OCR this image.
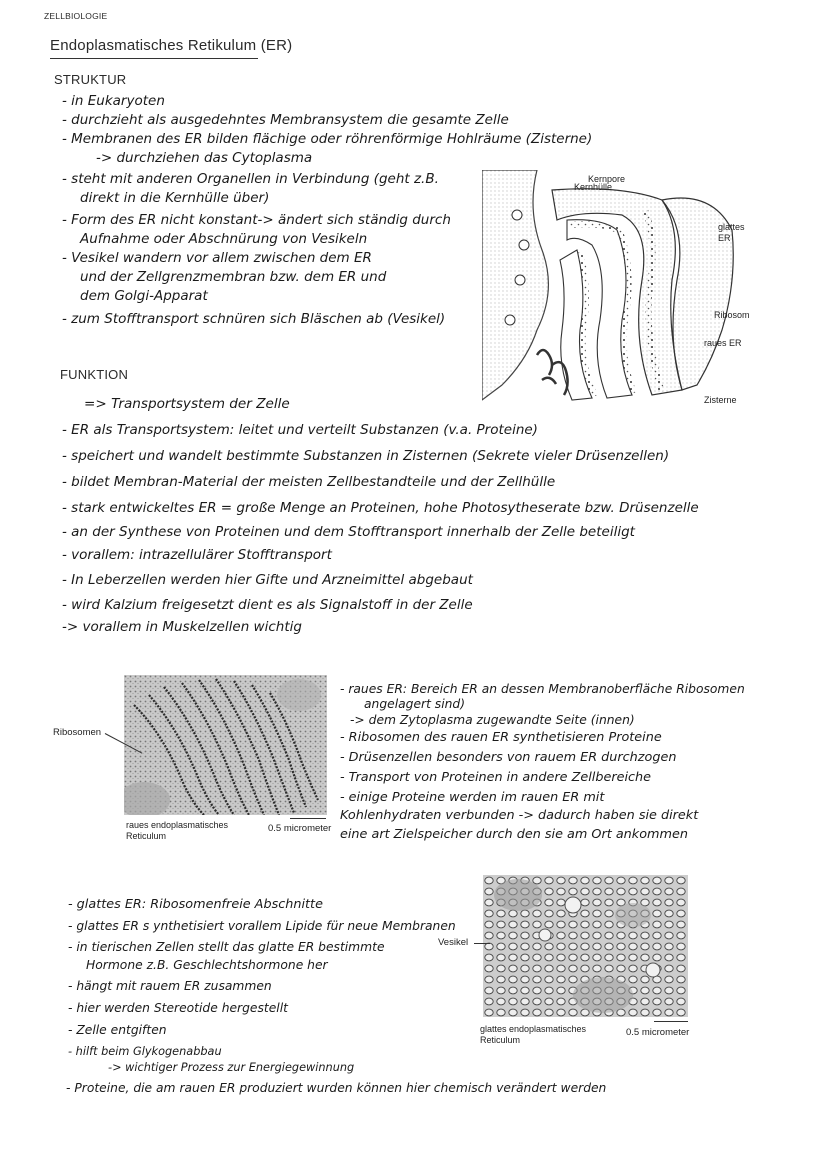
ZELLBIOLOGIE
Endoplasmatisches Retikulum (ER)
STRUKTUR
- in Eukaryoten
- durchzieht als ausgedehntes Membransystem die gesamte Zelle
- Membranen des ER bilden flächige oder röhrenförmige Hohlräume (Zisterne)
-> durchziehen das Cytoplasma
- steht mit anderen Organellen in Verbindung (geht z.B.
direkt in die Kernhülle über)
- Form des ER nicht konstant-> ändert sich ständig durch
Aufnahme oder Abschnürung von Vesikeln
- Vesikel wandern vor allem zwischen dem ER
und der Zellgrenzmembran bzw. dem ER und
dem Golgi-Apparat
- zum Stofftransport schnüren sich Bläschen ab (Vesikel)
Kernpore
Kernhülle
glattes ER
Ribosom
raues ER
Zisterne
FUNKTION
=> Transportsystem der Zelle
- ER als Transportsystem: leitet und verteilt Substanzen (v.a. Proteine)
- speichert und wandelt bestimmte Substanzen in Zisternen (Sekrete vieler Drüsenzellen)
- bildet Membran-Material der meisten Zellbestandteile und der Zellhülle
- stark entwickeltes ER = große Menge an Proteinen, hohe Photosytheserate bzw. Drüsenzelle
- an der Synthese von Proteinen und dem Stofftransport innerhalb der Zelle beteiligt
- vorallem: intrazellulärer Stofftransport
- In Leberzellen werden hier Gifte und Arzneimittel abgebaut
- wird Kalzium freigesetzt dient es als Signalstoff in der Zelle
-> vorallem in Muskelzellen wichtig
Ribosomen
raues endoplasmatisches Reticulum
0.5 micrometer
- raues ER: Bereich ER an dessen Membranoberfläche Ribosomen
angelagert sind)
-> dem Zytoplasma zugewandte Seite (innen)
- Ribosomen des rauen ER synthetisieren Proteine
- Drüsenzellen besonders von rauem ER durchzogen
- Transport von Proteinen in andere Zellbereiche
- einige Proteine werden im rauen ER mit
Kohlenhydraten verbunden -> dadurch haben sie direkt
eine art Zielspeicher durch den sie am Ort ankommen
Vesikel
glattes endoplasmatisches Reticulum
0.5 micrometer
- glattes ER: Ribosomenfreie Abschnitte
- glattes ER s ynthetisiert vorallem Lipide für neue Membranen
- in tierischen Zellen stellt das glatte ER bestimmte
Hormone z.B. Geschlechtshormone her
- hängt mit rauem ER zusammen
- hier werden Stereotide hergestellt
- Zelle entgiften
- hilft beim Glykogenabbau
-> wichtiger Prozess zur Energiegewinnung
- Proteine, die am rauen ER produziert wurden können hier chemisch verändert werden
